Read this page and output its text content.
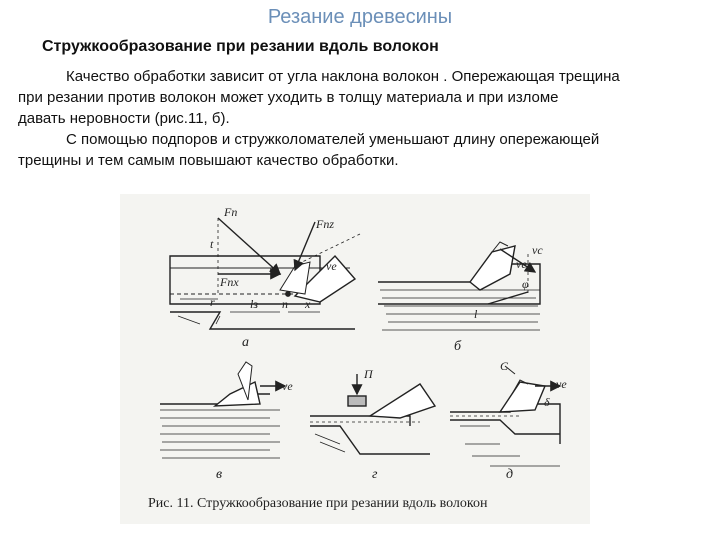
Резание древесины
Стружкообразование при резании вдоль волокон

Качество обработки зависит от угла наклона волокон . Опережающая трещина
при резании против волокон может уходить в толщу материала и при изломе
давать неровности (рис.11, б).

С помощью подпоров и стружколомателей уменьшают длину опережающей
трещины и тем самым повышают качество обработки.

Fn
Fnz
Fnx
t
r	lз n x
ve
vc
φ
l
ve
ve
П
C
ve
δ
а	б
в	г	д
Рис. 11. Стружкообразование при резании вдоль волокон
